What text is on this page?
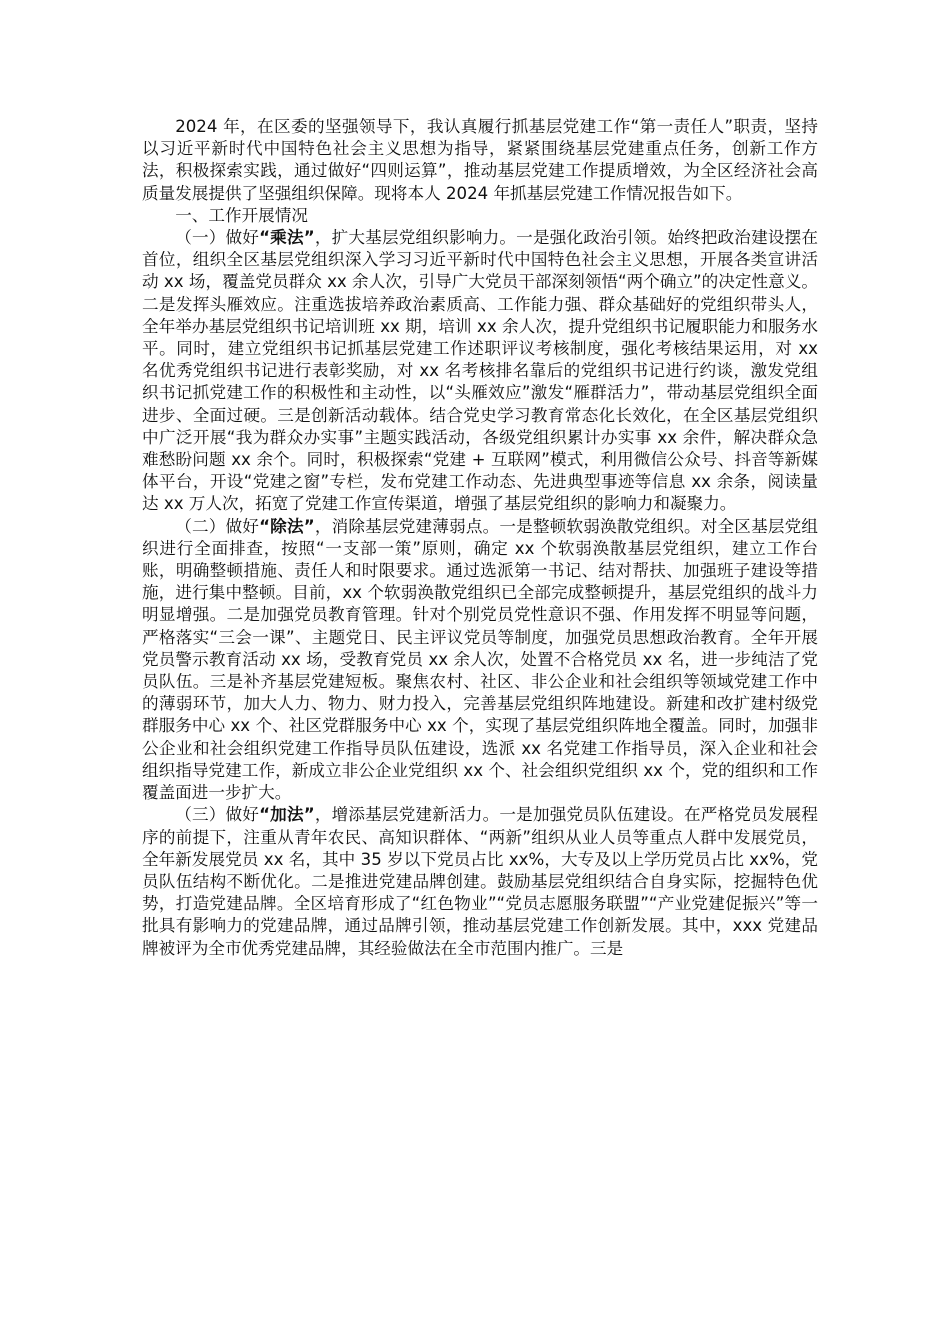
2024 年，在区委的坚强领导下，我认真履行抓基层党建工作“第一责任人”职责，坚持以习近平新时代中国特色社会主义思想为指导，紧紧围绕基层党建重点任务，创新工作方法，积极探索实践，通过做好“四则运算”，推动基层党建工作提质增效，为全区经济社会高质量发展提供了坚强组织保障。现将本人 2024 年抓基层党建工作情况报告如下。

一、工作开展情况

（一）做好“乘法”，扩大基层党组织影响力。一是强化政治引领。始终把政治建设摆在首位，组织全区基层党组织深入学习习近平新时代中国特色社会主义思想，开展各类宣讲活动 xx 场，覆盖党员群众 xx 余人次，引导广大党员干部深刻领悟“两个确立”的决定性意义。二是发挥头雁效应。注重选拔培养政治素质高、工作能力强、群众基础好的党组织带头人，全年举办基层党组织书记培训班 xx 期，培训 xx 余人次，提升党组织书记履职能力和服务水平。同时，建立党组织书记抓基层党建工作述职评议考核制度，强化考核结果运用，对 xx 名优秀党组织书记进行表彰奖励，对 xx 名考核排名靠后的党组织书记进行约谈，激发党组织书记抓党建工作的积极性和主动性，以“头雁效应”激发“雁群活力”，带动基层党组织全面进步、全面过硬。三是创新活动载体。结合党史学习教育常态化长效化，在全区基层党组织中广泛开展“我为群众办实事”主题实践活动，各级党组织累计办实事 xx 余件，解决群众急难愁盼问题 xx 余个。同时，积极探索“党建 + 互联网”模式，利用微信公众号、抖音等新媒体平台，开设“党建之窗”专栏，发布党建工作动态、先进典型事迹等信息 xx 余条，阅读量达 xx 万人次，拓宽了党建工作宣传渠道，增强了基层党组织的影响力和凝聚力。

（二）做好“除法”，消除基层党建薄弱点。一是整顿软弱涣散党组织。对全区基层党组织进行全面排查，按照“一支部一策”原则，确定 xx 个软弱涣散基层党组织，建立工作台账，明确整顿措施、责任人和时限要求。通过选派第一书记、结对帮扶、加强班子建设等措施，进行集中整顿。目前，xx 个软弱涣散党组织已全部完成整顿提升，基层党组织的战斗力明显增强。二是加强党员教育管理。针对个别党员党性意识不强、作用发挥不明显等问题，严格落实“三会一课”、主题党日、民主评议党员等制度，加强党员思想政治教育。全年开展党员警示教育活动 xx 场，受教育党员 xx 余人次，处置不合格党员 xx 名，进一步纯洁了党员队伍。三是补齐基层党建短板。聚焦农村、社区、非公企业和社会组织等领域党建工作中的薄弱环节，加大人力、物力、财力投入，完善基层党组织阵地建设。新建和改扩建村级党群服务中心 xx 个、社区党群服务中心 xx 个，实现了基层党组织阵地全覆盖。同时，加强非公企业和社会组织党建工作指导员队伍建设，选派 xx 名党建工作指导员，深入企业和社会组织指导党建工作，新成立非公企业党组织 xx 个、社会组织党组织 xx 个，党的组织和工作覆盖面进一步扩大。

（三）做好“加法”，增添基层党建新活力。一是加强党员队伍建设。在严格党员发展程序的前提下，注重从青年农民、高知识群体、“两新”组织从业人员等重点人群中发展党员，全年新发展党员 xx 名，其中 35 岁以下党员占比 xx%，大专及以上学历党员占比 xx%，党员队伍结构不断优化。二是推进党建品牌创建。鼓励基层党组织结合自身实际，挖掘特色优势，打造党建品牌。全区培育形成了“红色物业”“党员志愿服务联盟”“产业党建促振兴”等一批具有影响力的党建品牌，通过品牌引领，推动基层党建工作创新发展。其中，xxx 党建品牌被评为全市优秀党建品牌，其经验做法在全市范围内推广。三是
